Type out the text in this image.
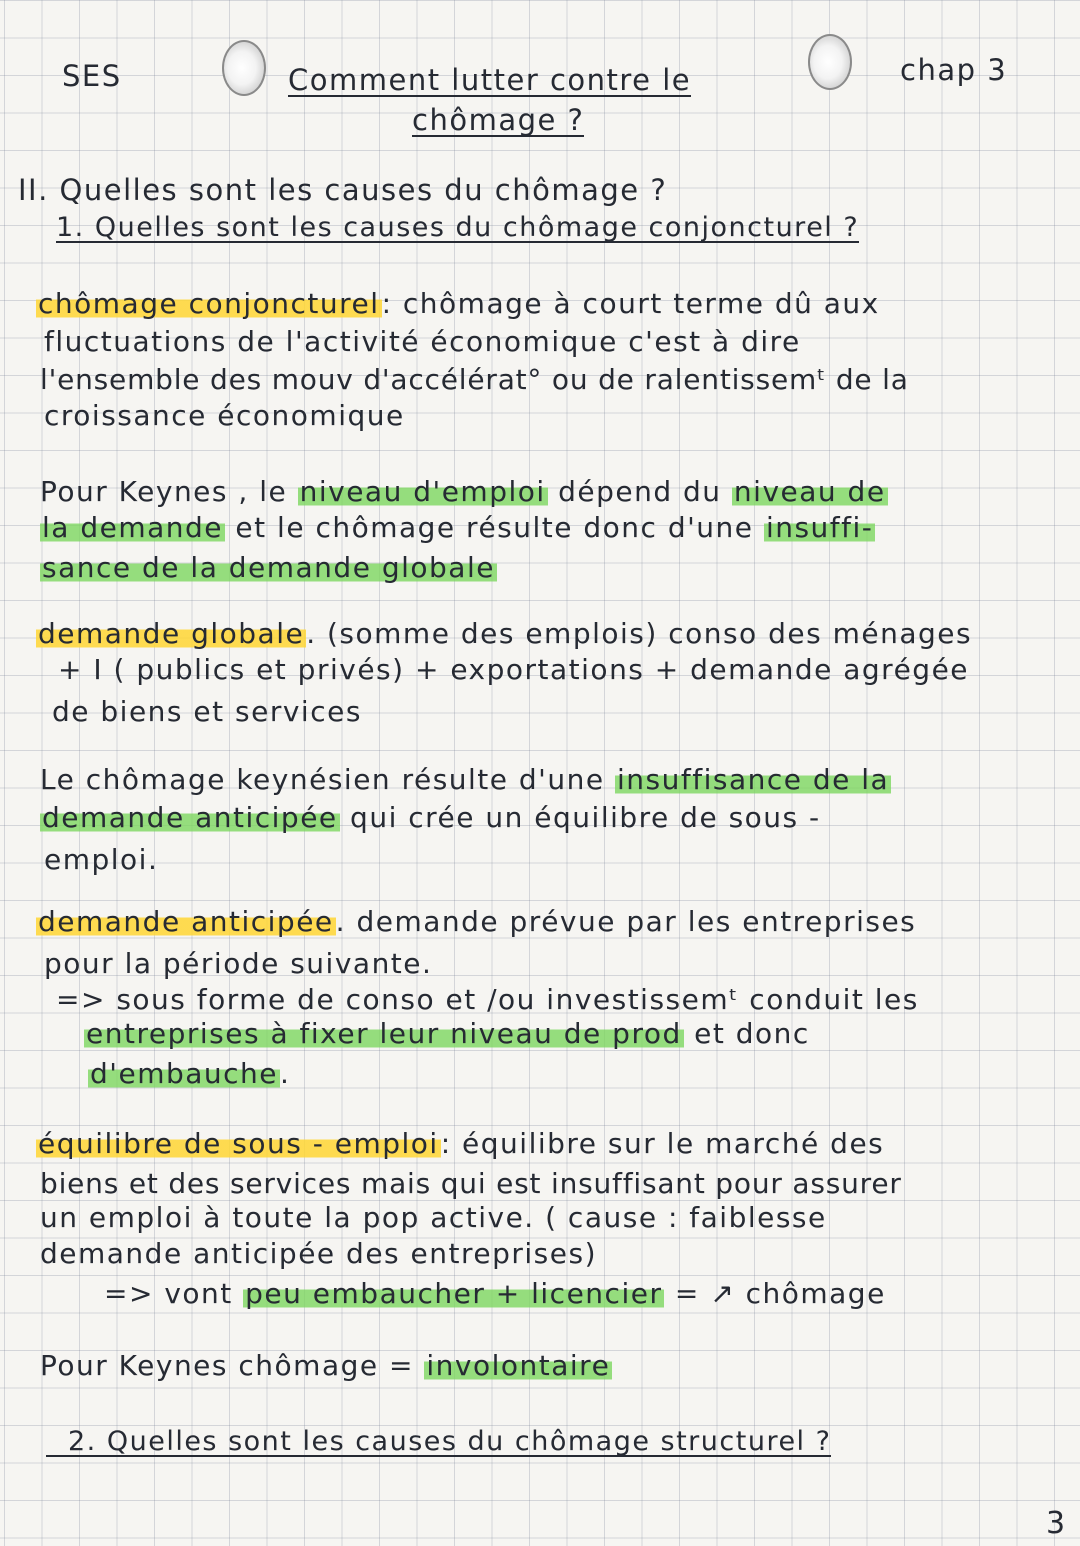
SES	Comment lutter contre le
chômage ?
chap 3
II. Quelles sont les causes du chômage ?
1. Quelles sont les causes du chômage conjoncturel ?
chômage conjoncturel: chômage à court terme dû aux
fluctuations de l'activité économique c'est à dire
l'ensemble des mouv d'accélérat° ou de ralentissemᵗ de la
croissance économique
Pour Keynes , le niveau d'emploi dépend du niveau de
la demande et le chômage résulte donc d'une insuffi-
sance de la demande globale
demande globale. (somme des emplois) conso des ménages
+ I ( publics et privés) + exportations + demande agrégée
de biens et services
Le chômage keynésien résulte d'une insuffisance de la
demande anticipée qui crée un équilibre de sous -
emploi.
demande anticipée. demande prévue par les entreprises
pour la période suivante.
=> sous forme de conso et /ou investissemᵗ conduit les
entreprises à fixer leur niveau de prod et donc
d'embauche.
équilibre de sous - emploi: équilibre sur le marché des
biens et des services mais qui est insuffisant pour assurer
un emploi à toute la pop active. ( cause : faiblesse
demande anticipée des entreprises)
=> vont peu embaucher + licencier = ↗ chômage
Pour Keynes chômage = involontaire
2. Quelles sont les causes du chômage structurel ?
3
